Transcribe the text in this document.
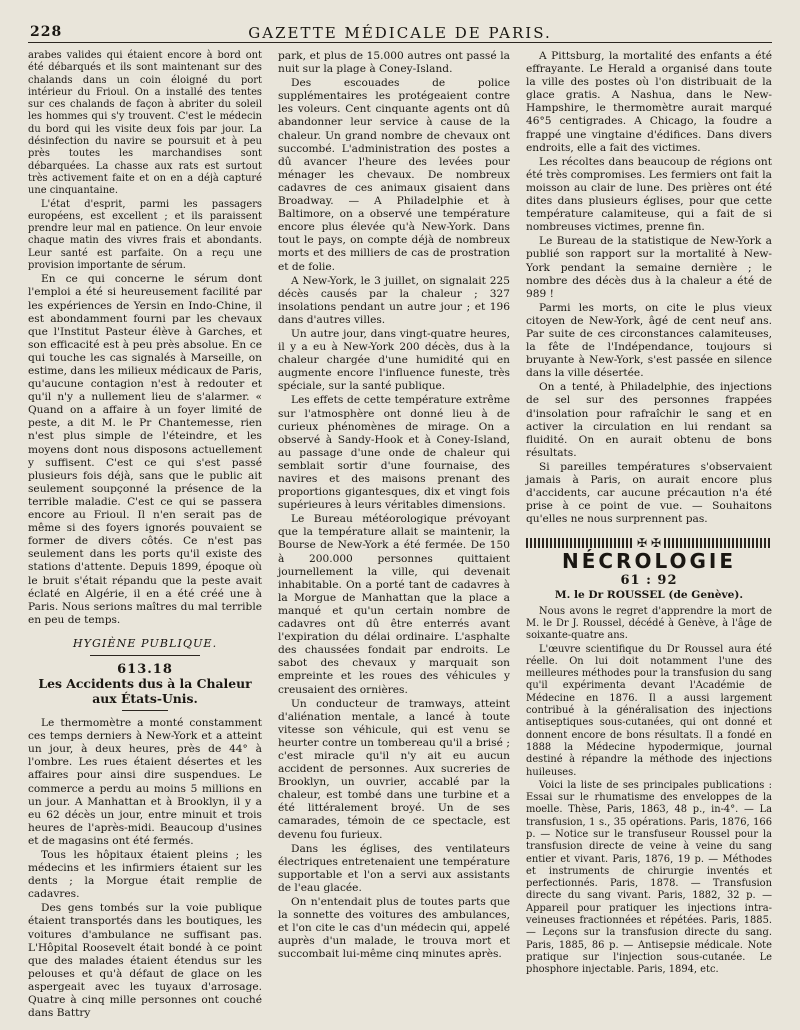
228	GAZETTE MÉDICALE DE PARIS.

arabes valides qui étaient encore à bord ont été débarqués et ils sont maintenant sur des chalands dans un coin éloigné du port intérieur du Frioul. On a installé des tentes sur ces chalands de façon à abriter du soleil les hommes qui s'y trouvent. C'est le médecin du bord qui les visite deux fois par jour. La désinfection du navire se poursuit et à peu près toutes les marchandises sont débarquées. La chasse aux rats est surtout très activement faite et on en a déjà capturé une cinquantaine.

L'état d'esprit, parmi les passagers européens, est excellent ; et ils paraissent prendre leur mal en patience. On leur envoie chaque matin des vivres frais et abondants. Leur santé est parfaite. On a reçu une provision importante de sérum.

En ce qui concerne le sérum dont l'emploi a été si heureusement facilité par les expériences de Yersin en Indo-Chine, il est abondamment fourni par les chevaux que l'Institut Pasteur élève à Garches, et son efficacité est à peu près absolue. En ce qui touche les cas signalés à Marseille, on estime, dans les milieux médicaux de Paris, qu'aucune contagion n'est à redouter et qu'il n'y a nullement lieu de s'alarmer. « Quand on a affaire à un foyer limité de peste, a dit M. le Pr Chantemesse, rien n'est plus simple de l'éteindre, et les moyens dont nous disposons actuellement y suffisent. C'est ce qui s'est passé plusieurs fois déjà, sans que le public ait seulement soupçonné la présence de la terrible maladie. C'est ce qui se passera encore au Frioul. Il n'en serait pas de même si des foyers ignorés pouvaient se former de divers côtés. Ce n'est pas seulement dans les ports qu'il existe des stations d'attente. Depuis 1899, époque où le bruit s'était répandu que la peste avait éclaté en Algérie, il en a été créé une à Paris. Nous serions maîtres du mal terrible en peu de temps.

HYGIÈNE PUBLIQUE.
613.18
Les Accidents dus à la Chaleur aux États-Unis.

Le thermomètre a monté constamment ces temps derniers à New-York et a atteint un jour, à deux heures, près de 44° à l'ombre. Les rues étaient désertes et les affaires pour ainsi dire suspendues. Le commerce a perdu au moins 5 millions en un jour. A Manhattan et à Brooklyn, il y a eu 62 décès un jour, entre minuit et trois heures de l'après-midi. Beaucoup d'usines et de magasins ont été fermés.

Tous les hôpitaux étaient pleins ; les médecins et les infirmiers étaient sur les dents ; la Morgue était remplie de cadavres.

Des gens tombés sur la voie publique étaient transportés dans les boutiques, les voitures d'ambulance ne suffisant pas. L'Hôpital Roosevelt était bondé à ce point que des malades étaient étendus sur les pelouses et qu'à défaut de glace on les aspergeait avec les tuyaux d'arrosage. Quatre à cinq mille personnes ont couché dans Battry

park, et plus de 15.000 autres ont passé la nuit sur la plage à Coney-Island.

Des escouades de police supplémentaires les protégeaient contre les voleurs. Cent cinquante agents ont dû abandonner leur service à cause de la chaleur. Un grand nombre de chevaux ont succombé. L'administration des postes a dû avancer l'heure des levées pour ménager les chevaux. De nombreux cadavres de ces animaux gisaient dans Broadway. — A Philadelphie et à Baltimore, on a observé une température encore plus élevée qu'à New-York. Dans tout le pays, on compte déjà de nombreux morts et des milliers de cas de prostration et de folie.

A New-York, le 3 juillet, on signalait 225 décès causés par la chaleur ; 327 insolations pendant un autre jour ; et 196 dans d'autres villes.

Un autre jour, dans vingt-quatre heures, il y a eu à New-York 200 décès, dus à la chaleur chargée d'une humidité qui en augmente encore l'influence funeste, très spéciale, sur la santé publique.

Les effets de cette température extrême sur l'atmosphère ont donné lieu à de curieux phénomènes de mirage. On a observé à Sandy-Hook et à Coney-Island, au passage d'une onde de chaleur qui semblait sortir d'une fournaise, des navires et des maisons prenant des proportions gigantesques, dix et vingt fois supérieures à leurs véritables dimensions.

Le Bureau météorologique prévoyant que la température allait se maintenir, la Bourse de New-York a été fermée. De 150 à 200.000 personnes quittaient journellement la ville, qui devenait inhabitable. On a porté tant de cadavres à la Morgue de Manhattan que la place a manqué et qu'un certain nombre de cadavres ont dû être enterrés avant l'expiration du délai ordinaire. L'asphalte des chaussées fondait par endroits. Le sabot des chevaux y marquait son empreinte et les roues des véhicules y creusaient des ornières.

Un conducteur de tramways, atteint d'aliénation mentale, a lancé à toute vitesse son véhicule, qui est venu se heurter contre un tombereau qu'il a brisé ; c'est miracle qu'il n'y ait eu aucun accident de personnes. Aux sucreries de Brooklyn, un ouvrier, accablé par la chaleur, est tombé dans une turbine et a été littéralement broyé. Un de ses camarades, témoin de ce spectacle, est devenu fou furieux.

Dans les églises, des ventilateurs électriques entretenaient une température supportable et l'on a servi aux assistants de l'eau glacée.

On n'entendait plus de toutes parts que la sonnette des voitures des ambulances, et l'on cite le cas d'un médecin qui, appelé auprès d'un malade, le trouva mort et succombait lui-même cinq minutes après.

A Pittsburg, la mortalité des enfants a été effrayante. Le Herald a organisé dans toute la ville des postes où l'on distribuait de la glace gratis. A Nashua, dans le New-Hampshire, le thermomètre aurait marqué 46°5 centigrades. A Chicago, la foudre a frappé une vingtaine d'édifices. Dans divers endroits, elle a fait des victimes.

Les récoltes dans beaucoup de régions ont été très compromises. Les fermiers ont fait la moisson au clair de lune. Des prières ont été dites dans plusieurs églises, pour que cette température calamiteuse, qui a fait de si nombreuses victimes, prenne fin.

Le Bureau de la statistique de New-York a publié son rapport sur la mortalité à New-York pendant la semaine dernière ; le nombre des décès dus à la chaleur a été de 989 !

Parmi les morts, on cite le plus vieux citoyen de New-York, âgé de cent neuf ans. Par suite de ces circonstances calamiteuses, la fête de l'Indépendance, toujours si bruyante à New-York, s'est passée en silence dans la ville désertée.

On a tenté, à Philadelphie, des injections de sel sur des personnes frappées d'insolation pour rafraîchir le sang et en activer la circulation en lui rendant sa fluidité. On en aurait obtenu de bons résultats.

Si pareilles températures s'observaient jamais à Paris, on aurait encore plus d'accidents, car aucune précaution n'a été prise à ce point de vue. — Souhaitons qu'elles ne nous surprennent pas.

✠ ✠
NÉCROLOGIE
61 : 92
M. le Dr ROUSSEL (de Genève).

Nous avons le regret d'apprendre la mort de M. le Dr J. Roussel, décédé à Genève, à l'âge de soixante-quatre ans.

L'œuvre scientifique du Dr Roussel aura été réelle. On lui doit notamment l'une des meilleures méthodes pour la transfusion du sang qu'il expérimenta devant l'Académie de Médecine en 1876. Il a aussi largement contribué à la généralisation des injections antiseptiques sous-cutanées, qui ont donné et donnent encore de bons résultats. Il a fondé en 1888 la Médecine hypodermique, journal destiné à répandre la méthode des injections huileuses.

Voici la liste de ses principales publications : Essai sur le rhumatisme des enveloppes de la moelle. Thèse, Paris, 1863, 48 p., in-4°. — La transfusion, 1 s., 35 opérations. Paris, 1876, 166 p. — Notice sur le transfuseur Roussel pour la transfusion directe de veine à veine du sang entier et vivant. Paris, 1876, 19 p. — Méthodes et instruments de chirurgie inventés et perfectionnés. Paris, 1878. — Transfusion directe du sang vivant. Paris, 1882, 32 p. — Appareil pour pratiquer les injections intra-veineuses fractionnées et répétées. Paris, 1885. — Leçons sur la transfusion directe du sang. Paris, 1885, 86 p. — Antisepsie médicale. Note pratique sur l'injection sous-cutanée. Le phosphore injectable. Paris, 1894, etc.
